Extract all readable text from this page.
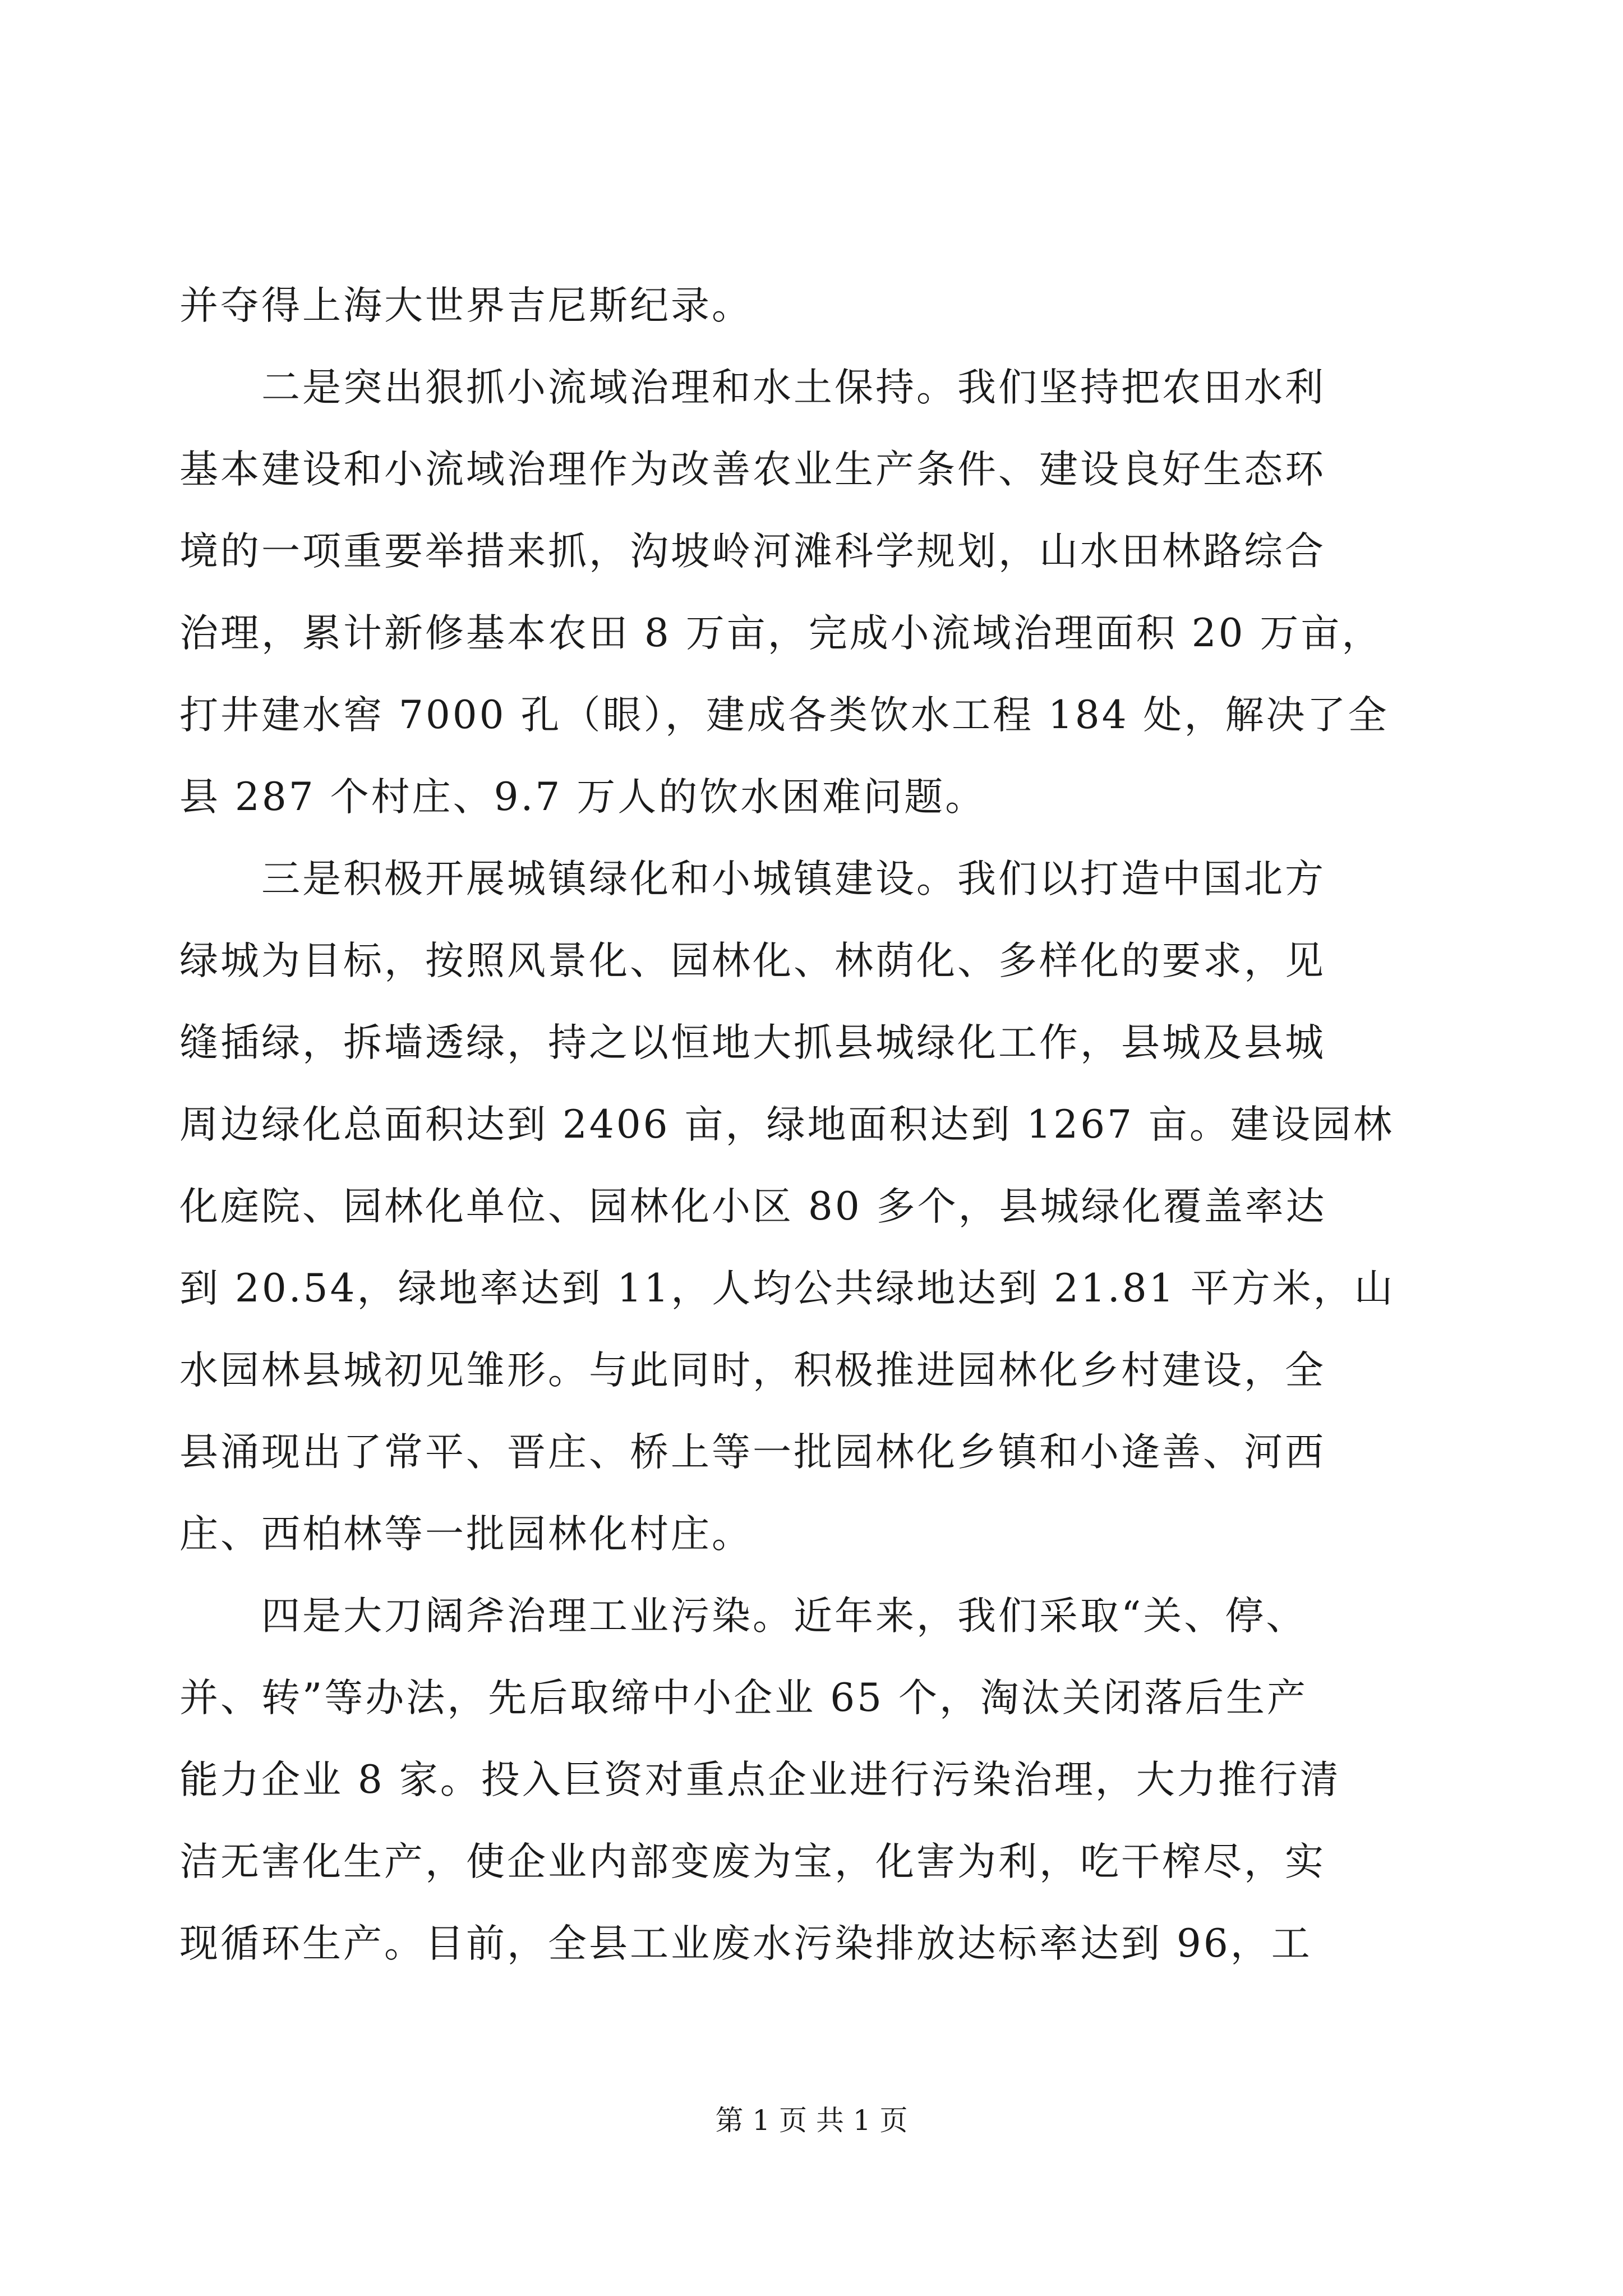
并夺得上海大世界吉尼斯纪录。
二是突出狠抓小流域治理和水土保持。我们坚持把农田水利
基本建设和小流域治理作为改善农业生产条件、建设良好生态环
境的一项重要举措来抓，沟坡岭河滩科学规划，山水田林路综合
治理，累计新修基本农田 8 万亩，完成小流域治理面积 20 万亩，
打井建水窖 7000 孔（眼），建成各类饮水工程 184 处，解决了全
县 287 个村庄、9.7 万人的饮水困难问题。
三是积极开展城镇绿化和小城镇建设。我们以打造中国北方
绿城为目标，按照风景化、园林化、林荫化、多样化的要求，见
缝插绿，拆墙透绿，持之以恒地大抓县城绿化工作，县城及县城
周边绿化总面积达到 2406 亩，绿地面积达到 1267 亩。建设园林
化庭院、园林化单位、园林化小区 80 多个，县城绿化覆盖率达
到 20.54，绿地率达到 11，人均公共绿地达到 21.81 平方米，山
水园林县城初见雏形。与此同时，积极推进园林化乡村建设，全
县涌现出了常平、晋庄、桥上等一批园林化乡镇和小逄善、河西
庄、西柏林等一批园林化村庄。
四是大刀阔斧治理工业污染。近年来，我们采取“关、停、
并、转”等办法，先后取缔中小企业 65 个，淘汰关闭落后生产
能力企业 8 家。投入巨资对重点企业进行污染治理，大力推行清
洁无害化生产，使企业内部变废为宝，化害为利，吃干榨尽，实
现循环生产。目前，全县工业废水污染排放达标率达到 96，工
第 1 页 共 1 页
